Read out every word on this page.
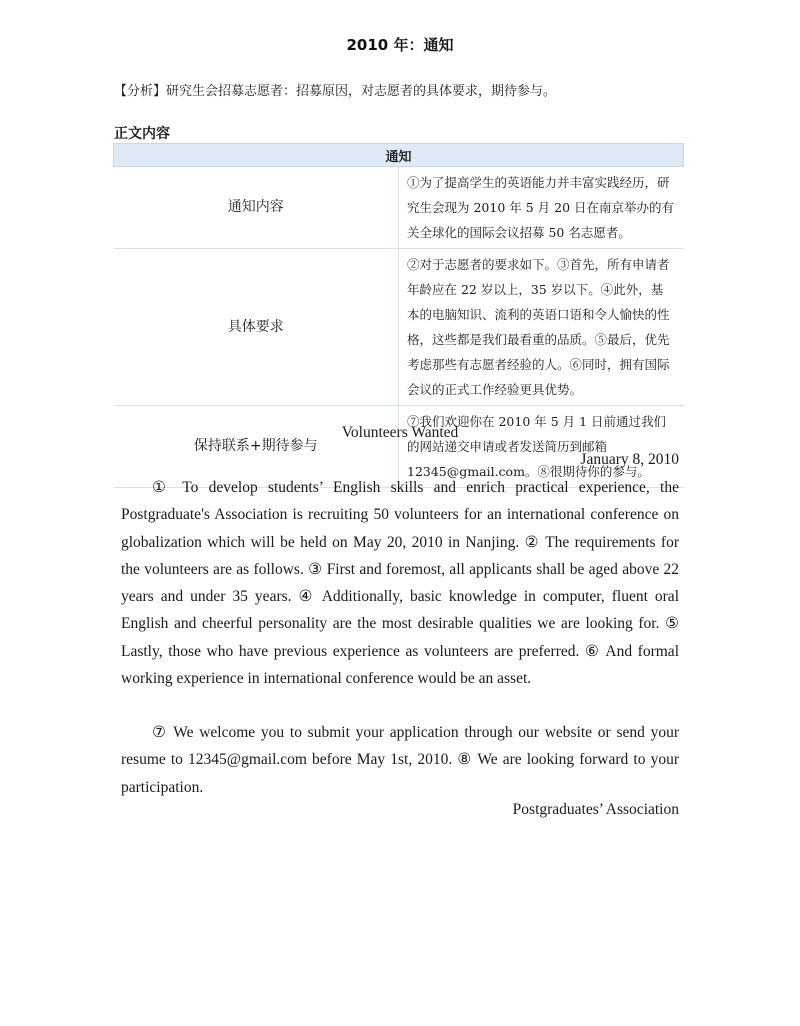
2010 年：通知
【分析】研究生会招募志愿者：招募原因，对志愿者的具体要求，期待参与。
正文内容
通知	
通知内容	①为了提高学生的英语能力并丰富实践经历，研究生会现为 2010 年 5 月 20 日在南京举办的有关全球化的国际会议招募 50 名志愿者。
具体要求	②对于志愿者的要求如下。③首先，所有申请者年龄应在 22 岁以上，35 岁以下。④此外，基本的电脑知识、流利的英语口语和令人愉快的性格，这些都是我们最看重的品质。⑤最后，优先考虑那些有志愿者经验的人。⑥同时，拥有国际会议的正式工作经验更具优势。
保持联系+期待参与	⑦我们欢迎你在 2010 年 5 月 1 日前通过我们的网站递交申请或者发送简历到邮箱 12345@gmail.com。⑧很期待你的参与。
Volunteers Wanted
January 8, 2010

① To develop students’ English skills and enrich practical experience, the Postgraduate's Association is recruiting 50 volunteers for an international conference on globalization which will be held on May 20, 2010 in Nanjing. ② The requirements for the volunteers are as follows. ③ First and foremost, all applicants shall be aged above 22 years and under 35 years. ④ Additionally, basic knowledge in computer, fluent oral English and cheerful personality are the most desirable qualities we are looking for. ⑤ Lastly, those who have previous experience as volunteers are preferred. ⑥ And formal working experience in international conference would be an asset.

⑦ We welcome you to submit your application through our website or send your resume to 12345@gmail.com before May 1st, 2010. ⑧ We are looking forward to your participation.

Postgraduates’ Association
